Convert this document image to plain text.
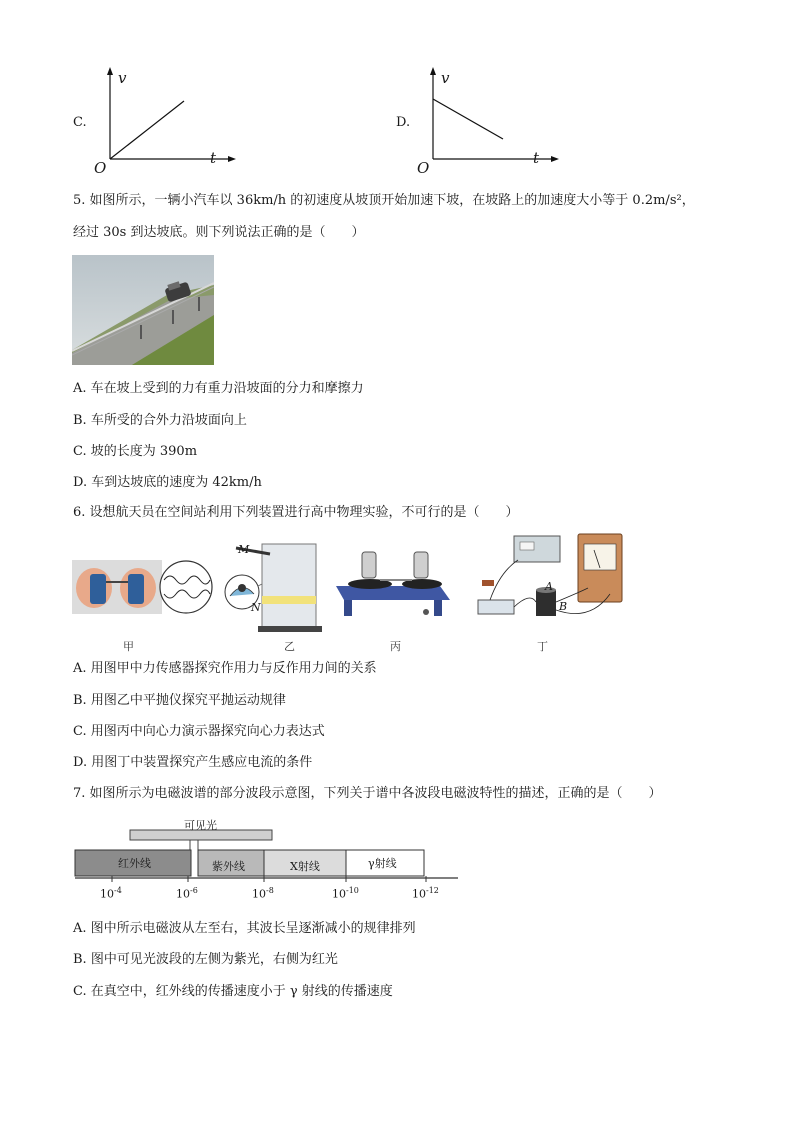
C.
v
t
O
D.
v
t
O
5. 如图所示，一辆小汽车以 36km/h 的初速度从坡顶开始加速下坡，在坡路上的加速度大小等于 0.2m/s²，
经过 30s 到达坡底。则下列说法正确的是（　　）
A. 车在坡上受到的力有重力沿坡面的分力和摩擦力
B. 车所受的合外力沿坡面向上
C. 坡的长度为 390m
D. 车到达坡底的速度为 42km/h
6. 设想航天员在空间站利用下列装置进行高中物理实验，不可行的是（　　）
甲
M
N
乙	丙
A
B
丁
A. 用图甲中力传感器探究作用力与反作用力间的关系
B. 用图乙中平抛仪探究平抛运动规律
C. 用图丙中向心力演示器探究向心力表达式
D. 用图丁中装置探究产生感应电流的条件
7. 如图所示为电磁波谱的部分波段示意图，下列关于谱中各波段电磁波特性的描述，正确的是（　　）
可见光
红外线	紫外线	X射线	γ射线
$10^{-4}$	$10^{-6}$	$10^{-8}$	$10^{-10}$	$10^{-12}$
A. 图中所示电磁波从左至右，其波长呈逐渐减小的规律排列
B. 图中可见光波段的左侧为紫光，右侧为红光
C. 在真空中，红外线的传播速度小于 γ 射线的传播速度
